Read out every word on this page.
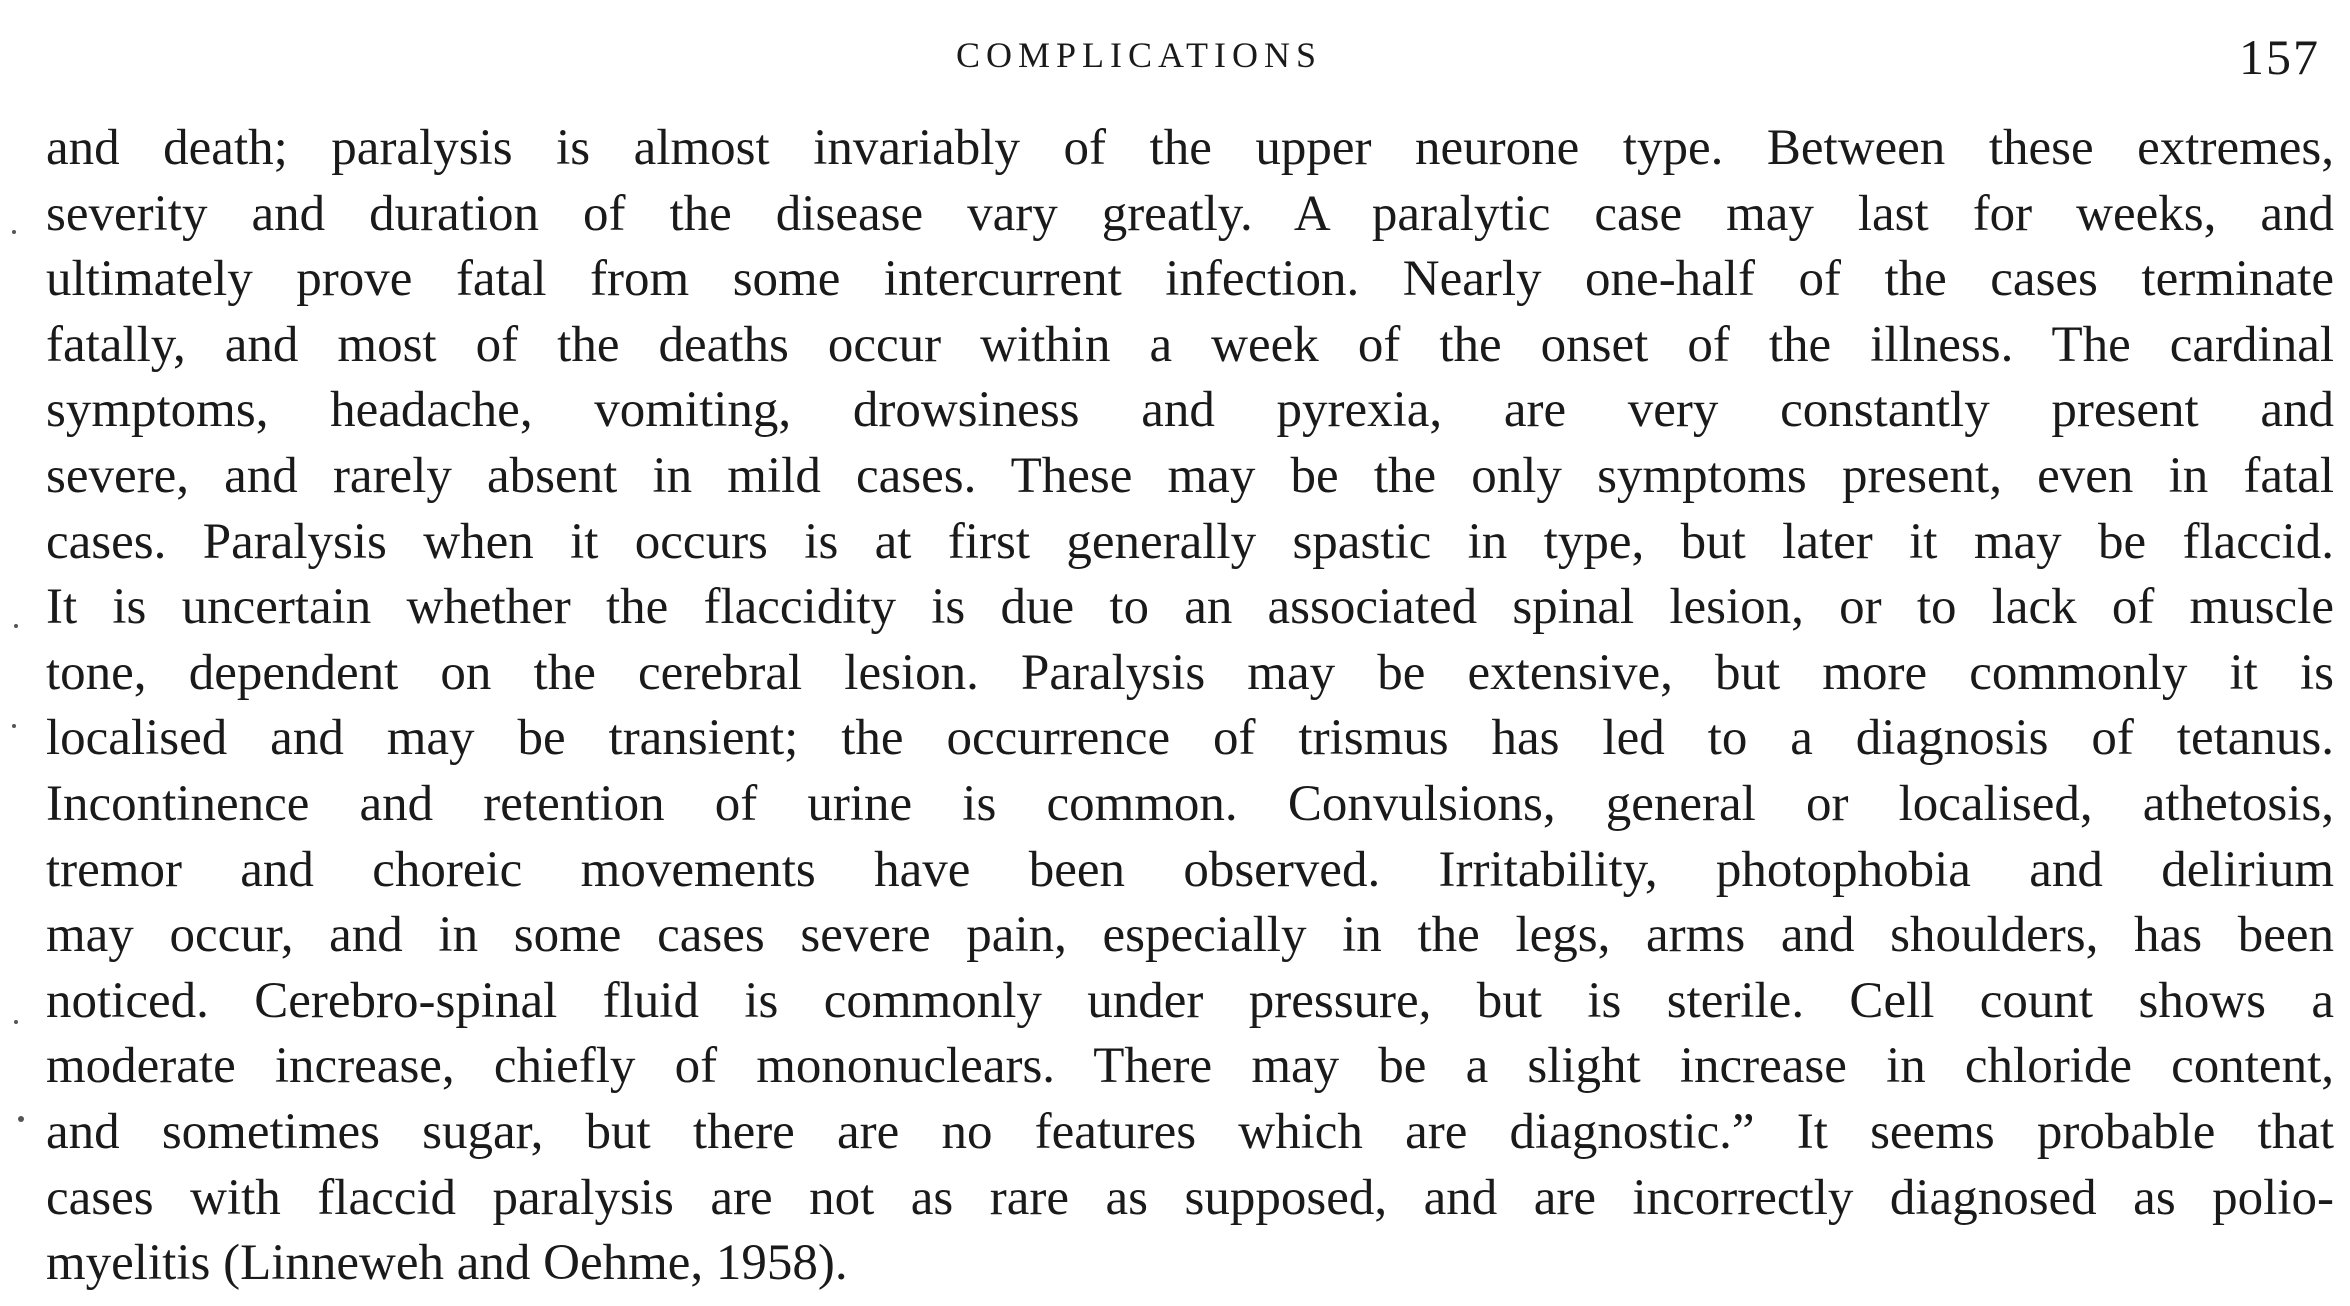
COMPLICATIONS	157
and death; paralysis is almost invariably of the upper neurone type. Between these extremes,
severity and duration of the disease vary greatly. A paralytic case may last for weeks, and
ultimately prove fatal from some intercurrent infection. Nearly one-half of the cases terminate
fatally, and most of the deaths occur within a week of the onset of the illness. The cardinal
symptoms, headache, vomiting, drowsiness and pyrexia, are very constantly present and
severe, and rarely absent in mild cases. These may be the only symptoms present, even in fatal
cases. Paralysis when it occurs is at first generally spastic in type, but later it may be flaccid.
It is uncertain whether the flaccidity is due to an associated spinal lesion, or to lack of muscle
tone, dependent on the cerebral lesion. Paralysis may be extensive, but more commonly it is
localised and may be transient; the occurrence of trismus has led to a diagnosis of tetanus.
Incontinence and retention of urine is common. Convulsions, general or localised, athetosis,
tremor and choreic movements have been observed. Irritability, photophobia and delirium
may occur, and in some cases severe pain, especially in the legs, arms and shoulders, has been
noticed. Cerebro-spinal fluid is commonly under pressure, but is sterile. Cell count shows a
moderate increase, chiefly of mononuclears. There may be a slight increase in chloride content,
and sometimes sugar, but there are no features which are diagnostic.” It seems probable that
cases with flaccid paralysis are not as rare as supposed, and are incorrectly diagnosed as polio-
myelitis (Linneweh and Oehme, 1958).
